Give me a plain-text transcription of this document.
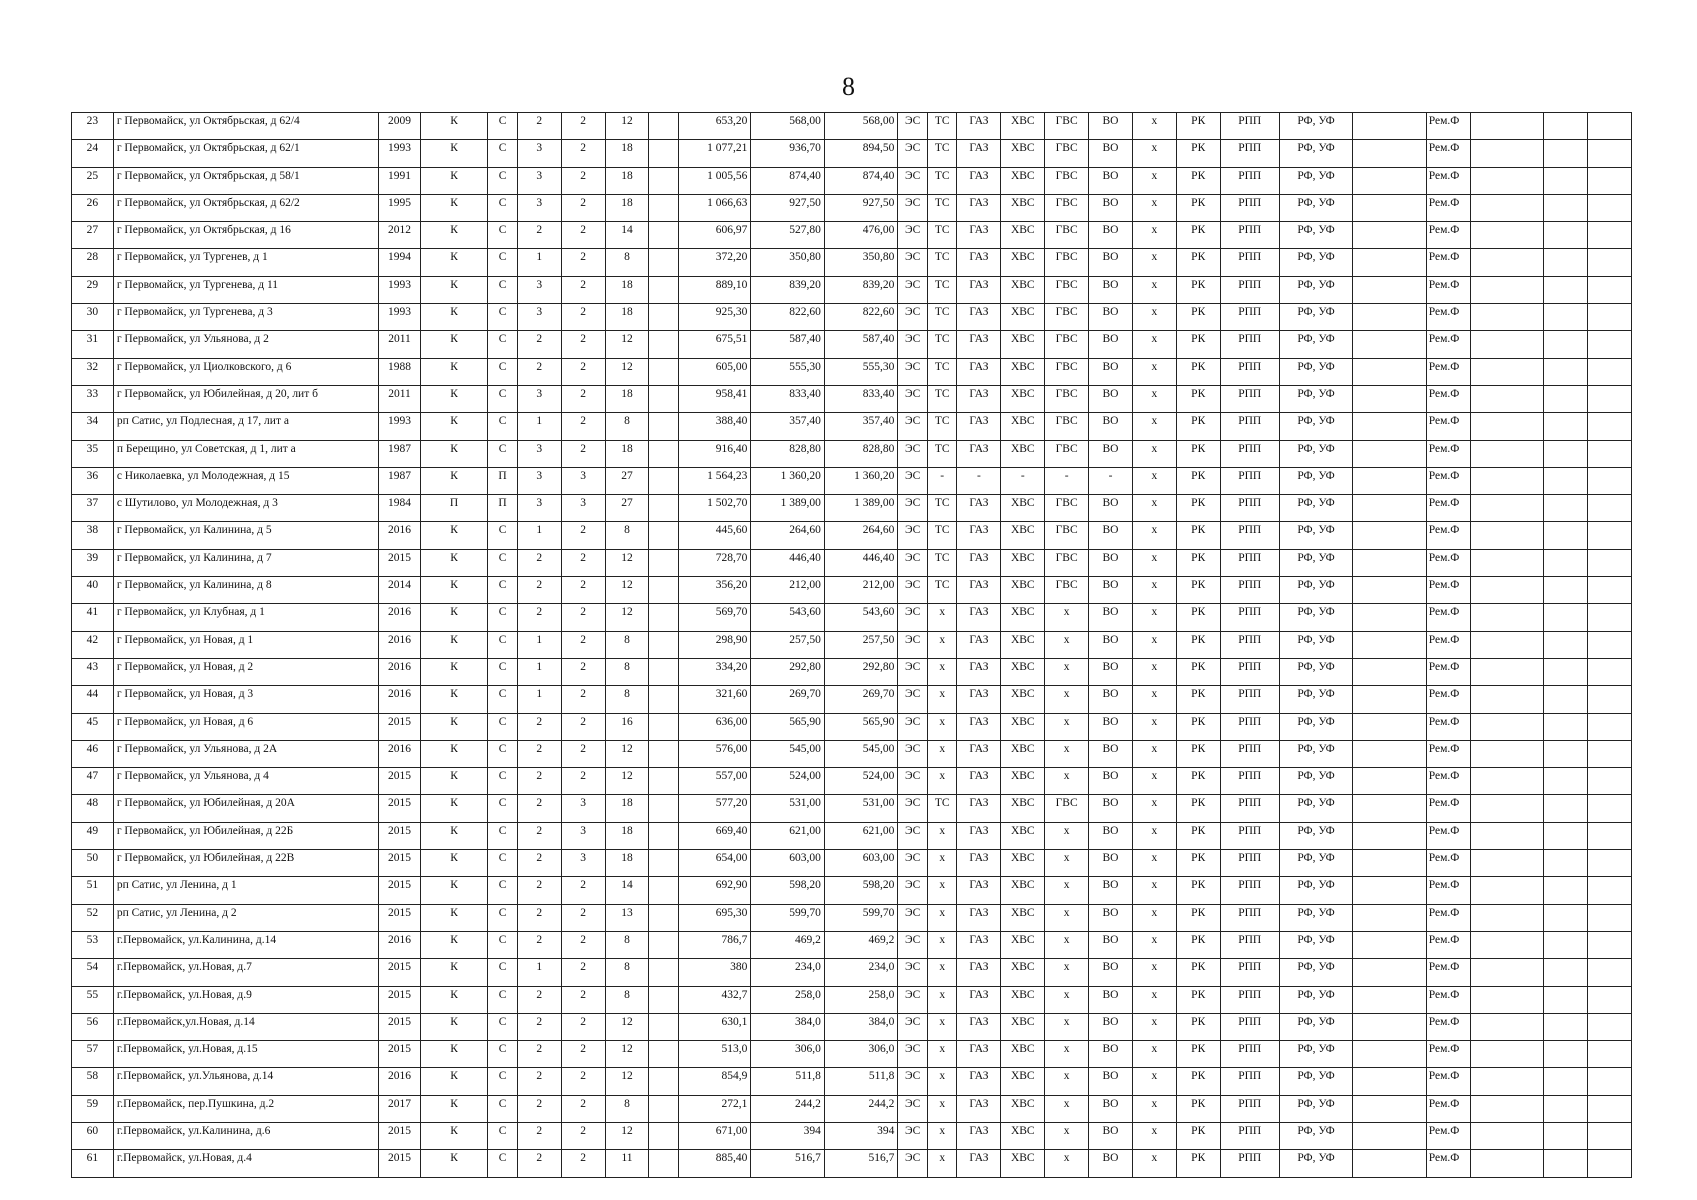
8
23	г Первомайск, ул Октябрьская, д 62/4	2009	К	С	2	2	12		653,20	568,00	568,00	ЭС	ТС	ГАЗ	ХВС	ГВС	ВО	х	РК	РПП	РФ, УФ		Рем.Ф			
24	г Первомайск, ул Октябрьская, д 62/1	1993	К	С	3	2	18		1 077,21	936,70	894,50	ЭС	ТС	ГАЗ	ХВС	ГВС	ВО	х	РК	РПП	РФ, УФ		Рем.Ф			
25	г Первомайск, ул Октябрьская, д 58/1	1991	К	С	3	2	18		1 005,56	874,40	874,40	ЭС	ТС	ГАЗ	ХВС	ГВС	ВО	х	РК	РПП	РФ, УФ		Рем.Ф			
26	г Первомайск, ул Октябрьская, д 62/2	1995	К	С	3	2	18		1 066,63	927,50	927,50	ЭС	ТС	ГАЗ	ХВС	ГВС	ВО	х	РК	РПП	РФ, УФ		Рем.Ф			
27	г Первомайск, ул Октябрьская, д 16	2012	К	С	2	2	14		606,97	527,80	476,00	ЭС	ТС	ГАЗ	ХВС	ГВС	ВО	х	РК	РПП	РФ, УФ		Рем.Ф			
28	г Первомайск, ул Тургенев, д 1	1994	К	С	1	2	8		372,20	350,80	350,80	ЭС	ТС	ГАЗ	ХВС	ГВС	ВО	х	РК	РПП	РФ, УФ		Рем.Ф			
29	г Первомайск, ул Тургенева, д 11	1993	К	С	3	2	18		889,10	839,20	839,20	ЭС	ТС	ГАЗ	ХВС	ГВС	ВО	х	РК	РПП	РФ, УФ		Рем.Ф			
30	г Первомайск, ул Тургенева, д 3	1993	К	С	3	2	18		925,30	822,60	822,60	ЭС	ТС	ГАЗ	ХВС	ГВС	ВО	х	РК	РПП	РФ, УФ		Рем.Ф			
31	г Первомайск, ул Ульянова, д 2	2011	К	С	2	2	12		675,51	587,40	587,40	ЭС	ТС	ГАЗ	ХВС	ГВС	ВО	х	РК	РПП	РФ, УФ		Рем.Ф			
32	г Первомайск, ул Циолковского, д 6	1988	К	С	2	2	12		605,00	555,30	555,30	ЭС	ТС	ГАЗ	ХВС	ГВС	ВО	х	РК	РПП	РФ, УФ		Рем.Ф			
33	г Первомайск, ул Юбилейная, д 20, лит б	2011	К	С	3	2	18		958,41	833,40	833,40	ЭС	ТС	ГАЗ	ХВС	ГВС	ВО	х	РК	РПП	РФ, УФ		Рем.Ф			
34	рп Сатис, ул Подлесная, д 17, лит а	1993	К	С	1	2	8		388,40	357,40	357,40	ЭС	ТС	ГАЗ	ХВС	ГВС	ВО	х	РК	РПП	РФ, УФ		Рем.Ф			
35	п Берещино, ул Советская, д 1, лит а	1987	К	С	3	2	18		916,40	828,80	828,80	ЭС	ТС	ГАЗ	ХВС	ГВС	ВО	х	РК	РПП	РФ, УФ		Рем.Ф			
36	с Николаевка, ул Молодежная, д 15	1987	К	П	3	3	27		1 564,23	1 360,20	1 360,20	ЭС	-	-	-	-	-	х	РК	РПП	РФ, УФ		Рем.Ф			
37	с Шутилово, ул Молодежная, д 3	1984	П	П	3	3	27		1 502,70	1 389,00	1 389,00	ЭС	ТС	ГАЗ	ХВС	ГВС	ВО	х	РК	РПП	РФ, УФ		Рем.Ф			
38	г Первомайск, ул Калинина, д 5	2016	К	С	1	2	8		445,60	264,60	264,60	ЭС	ТС	ГАЗ	ХВС	ГВС	ВО	х	РК	РПП	РФ, УФ		Рем.Ф			
39	г Первомайск, ул Калинина, д 7	2015	К	С	2	2	12		728,70	446,40	446,40	ЭС	ТС	ГАЗ	ХВС	ГВС	ВО	х	РК	РПП	РФ, УФ		Рем.Ф			
40	г Первомайск, ул Калинина, д 8	2014	К	С	2	2	12		356,20	212,00	212,00	ЭС	ТС	ГАЗ	ХВС	ГВС	ВО	х	РК	РПП	РФ, УФ		Рем.Ф			
41	г Первомайск, ул Клубная, д 1	2016	К	С	2	2	12		569,70	543,60	543,60	ЭС	х	ГАЗ	ХВС	х	ВО	х	РК	РПП	РФ, УФ		Рем.Ф			
42	г Первомайск, ул Новая, д 1	2016	К	С	1	2	8		298,90	257,50	257,50	ЭС	х	ГАЗ	ХВС	х	ВО	х	РК	РПП	РФ, УФ		Рем.Ф			
43	г Первомайск, ул Новая, д 2	2016	К	С	1	2	8		334,20	292,80	292,80	ЭС	х	ГАЗ	ХВС	х	ВО	х	РК	РПП	РФ, УФ		Рем.Ф			
44	г Первомайск, ул Новая, д 3	2016	К	С	1	2	8		321,60	269,70	269,70	ЭС	х	ГАЗ	ХВС	х	ВО	х	РК	РПП	РФ, УФ		Рем.Ф			
45	г Первомайск, ул Новая, д 6	2015	К	С	2	2	16		636,00	565,90	565,90	ЭС	х	ГАЗ	ХВС	х	ВО	х	РК	РПП	РФ, УФ		Рем.Ф			
46	г Первомайск, ул Ульянова, д 2А	2016	К	С	2	2	12		576,00	545,00	545,00	ЭС	х	ГАЗ	ХВС	х	ВО	х	РК	РПП	РФ, УФ		Рем.Ф			
47	г Первомайск, ул Ульянова, д 4	2015	К	С	2	2	12		557,00	524,00	524,00	ЭС	х	ГАЗ	ХВС	х	ВО	х	РК	РПП	РФ, УФ		Рем.Ф			
48	г Первомайск, ул Юбилейная, д 20А	2015	К	С	2	3	18		577,20	531,00	531,00	ЭС	ТС	ГАЗ	ХВС	ГВС	ВО	х	РК	РПП	РФ, УФ		Рем.Ф			
49	г Первомайск, ул Юбилейная, д 22Б	2015	К	С	2	3	18		669,40	621,00	621,00	ЭС	х	ГАЗ	ХВС	х	ВО	х	РК	РПП	РФ, УФ		Рем.Ф			
50	г Первомайск, ул Юбилейная, д 22В	2015	К	С	2	3	18		654,00	603,00	603,00	ЭС	х	ГАЗ	ХВС	х	ВО	х	РК	РПП	РФ, УФ		Рем.Ф			
51	рп Сатис, ул Ленина, д 1	2015	К	С	2	2	14		692,90	598,20	598,20	ЭС	х	ГАЗ	ХВС	х	ВО	х	РК	РПП	РФ, УФ		Рем.Ф			
52	рп Сатис, ул Ленина, д 2	2015	К	С	2	2	13		695,30	599,70	599,70	ЭС	х	ГАЗ	ХВС	х	ВО	х	РК	РПП	РФ, УФ		Рем.Ф			
53	г.Первомайск, ул.Калинина, д.14	2016	К	С	2	2	8		786,7	469,2	469,2	ЭС	х	ГАЗ	ХВС	х	ВО	х	РК	РПП	РФ, УФ		Рем.Ф			
54	г.Первомайск, ул.Новая, д.7	2015	К	С	1	2	8		380	234,0	234,0	ЭС	х	ГАЗ	ХВС	х	ВО	х	РК	РПП	РФ, УФ		Рем.Ф			
55	г.Первомайск, ул.Новая, д.9	2015	К	С	2	2	8		432,7	258,0	258,0	ЭС	х	ГАЗ	ХВС	х	ВО	х	РК	РПП	РФ, УФ		Рем.Ф			
56	г.Первомайск,ул.Новая, д.14	2015	К	С	2	2	12		630,1	384,0	384,0	ЭС	х	ГАЗ	ХВС	х	ВО	х	РК	РПП	РФ, УФ		Рем.Ф			
57	г.Первомайск, ул.Новая, д.15	2015	К	С	2	2	12		513,0	306,0	306,0	ЭС	х	ГАЗ	ХВС	х	ВО	х	РК	РПП	РФ, УФ		Рем.Ф			
58	г.Первомайск, ул.Ульянова, д.14	2016	К	С	2	2	12		854,9	511,8	511,8	ЭС	х	ГАЗ	ХВС	х	ВО	х	РК	РПП	РФ, УФ		Рем.Ф			
59	г.Первомайск, пер.Пушкина, д.2	2017	К	С	2	2	8		272,1	244,2	244,2	ЭС	х	ГАЗ	ХВС	х	ВО	х	РК	РПП	РФ, УФ		Рем.Ф			
60	г.Первомайск, ул.Калинина, д.6	2015	К	С	2	2	12		671,00	394	394	ЭС	х	ГАЗ	ХВС	х	ВО	х	РК	РПП	РФ, УФ		Рем.Ф			
61	г.Первомайск, ул.Новая, д.4	2015	К	С	2	2	11		885,40	516,7	516,7	ЭС	х	ГАЗ	ХВС	х	ВО	х	РК	РПП	РФ, УФ		Рем.Ф			
